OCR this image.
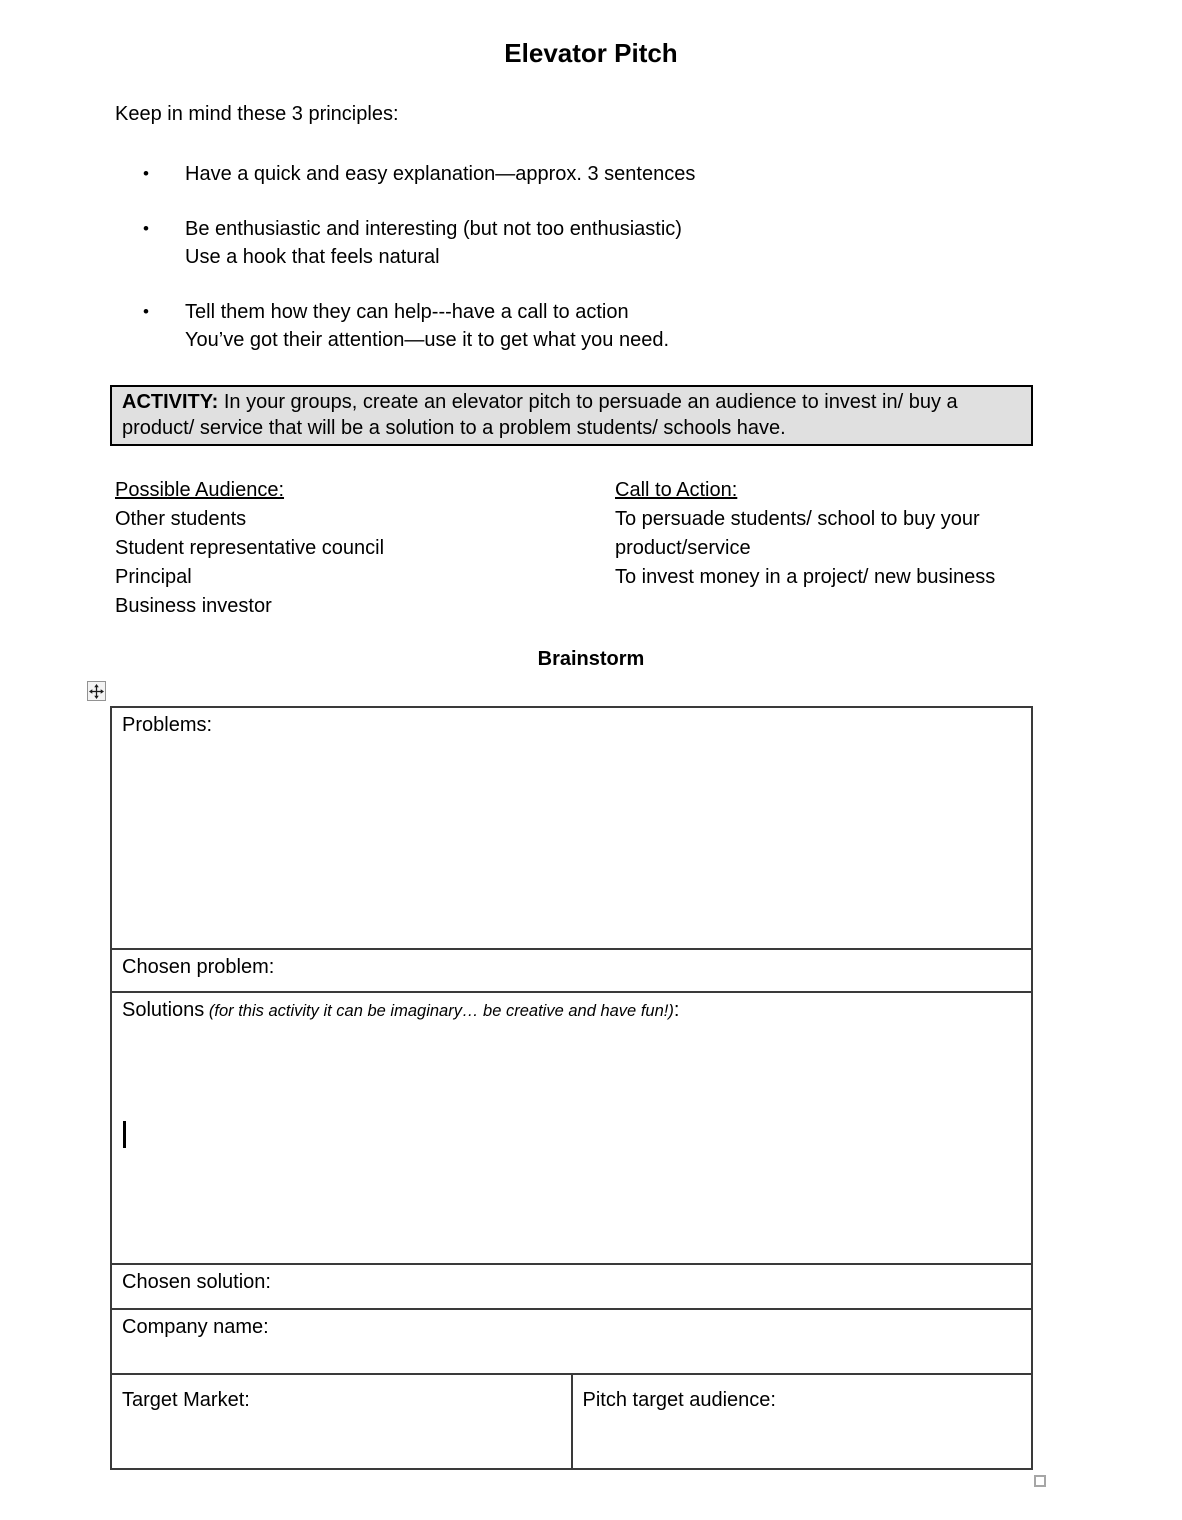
Elevator Pitch
Keep in mind these 3 principles:
•	Have a quick and easy explanation—approx. 3 sentences
•	Be enthusiastic and interesting (but not too enthusiastic)
Use a hook that feels natural
•	Tell them how they can help---have a call to action
You’ve got their attention—use it to get what you need.
ACTIVITY: In your groups, create an elevator pitch to persuade an audience to invest in/ buy a product/ service that will be a solution to a problem students/ schools have.
Possible Audience:
Other students
Student representative council
Principal
Business investor
Call to Action:
To persuade students/ school to buy your product/service
To invest money in a project/ new business
Brainstorm
Problems:
Chosen problem:
Solutions (for this activity it can be imaginary… be creative and have fun!):

Chosen solution:
Company name:
Target Market:	Pitch target audience:
